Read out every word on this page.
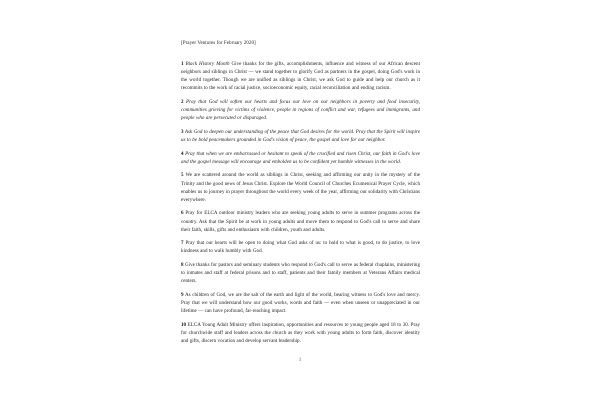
[Prayer Ventures for February 2020]

1 Black History Month Give thanks for the gifts, accomplishments, influence and witness of our African descent neighbors and siblings in Christ — we stand together to glorify God as partners in the gospel, doing God's work in the world together. Though we are unified as siblings in Christ, we ask God to guide and help our church as it recommits to the work of racial justice, socioeconomic equity, racial reconciliation and ending racism.

2 Pray that God will soften our hearts and focus our love on our neighbors in poverty and food insecurity, communities grieving for victims of violence, people in regions of conflict and war, refugees and immigrants, and people who are persecuted or disparaged.

3 Ask God to deepen our understanding of the peace that God desires for the world. Pray that the Spirit will inspire us to be bold peacemakers grounded in God's vision of peace, the gospel and love for our neighbor.

4 Pray that when we are embarrassed or hesitant to speak of the crucified and risen Christ, our faith in God's love and the gospel message will encourage and embolden us to be confident yet humble witnesses in the world.

5 We are scattered around the world as siblings in Christ, seeking and affirming our unity in the mystery of the Trinity and the good news of Jesus Christ. Explore the World Council of Churches Ecumenical Prayer Cycle, which enables us to journey in prayer throughout the world every week of the year, affirming our solidarity with Christians everywhere.

6 Pray for ELCA outdoor ministry leaders who are seeking young adults to serve in summer programs across the country. Ask that the Spirit be at work in young adults and move them to respond to God's call to serve and share their faith, skills, gifts and enthusiasm with children, youth and adults.

7 Pray that our hearts will be open to doing what God asks of us: to hold to what is good, to do justice, to love kindness and to walk humbly with God.

8 Give thanks for pastors and seminary students who respond to God's call to serve as federal chaplains, ministering to inmates and staff at federal prisons and to staff, patients and their family members at Veterans Affairs medical centers.

9 As children of God, we are the salt of the earth and light of the world, bearing witness to God's love and mercy. Pray that we will understand how our good works, words and faith — even when unseen or unappreciated in our lifetime — can have profound, far-reaching impact.

10 ELCA Young Adult Ministry offers inspiration, opportunities and resources to young people aged 18 to 30. Pray for churchwide staff and leaders across the church as they work with young adults to form faith, discover identity and gifts, discern vocation and develop servant leadership.

1
